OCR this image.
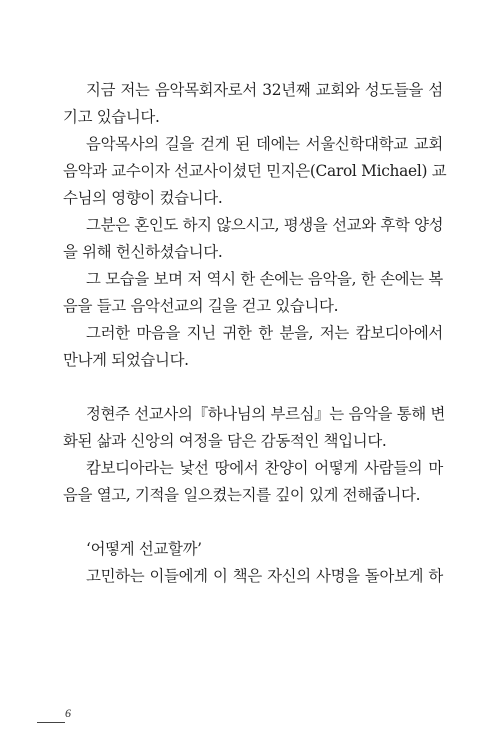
지금 저는 음악목회자로서 32년째 교회와 성도들을 섬
기고 있습니다.
음악목사의 길을 걷게 된 데에는 서울신학대학교 교회
음악과 교수이자 선교사이셨던 민지은(Carol Michael) 교
수님의 영향이 컸습니다.
그분은 혼인도 하지 않으시고, 평생을 선교와 후학 양성
을 위해 헌신하셨습니다.
그 모습을 보며 저 역시 한 손에는 음악을, 한 손에는 복
음을 들고 음악선교의 길을 걷고 있습니다.
그러한 마음을 지닌 귀한 한 분을, 저는 캄보디아에서
만나게 되었습니다.
정현주 선교사의『하나님의 부르심』는 음악을 통해 변
화된 삶과 신앙의 여정을 담은 감동적인 책입니다.
캄보디아라는 낯선 땅에서 찬양이 어떻게 사람들의 마
음을 열고, 기적을 일으켰는지를 깊이 있게 전해줍니다.
‘어떻게 선교할까’
고민하는 이들에게 이 책은 자신의 사명을 돌아보게 하
6
